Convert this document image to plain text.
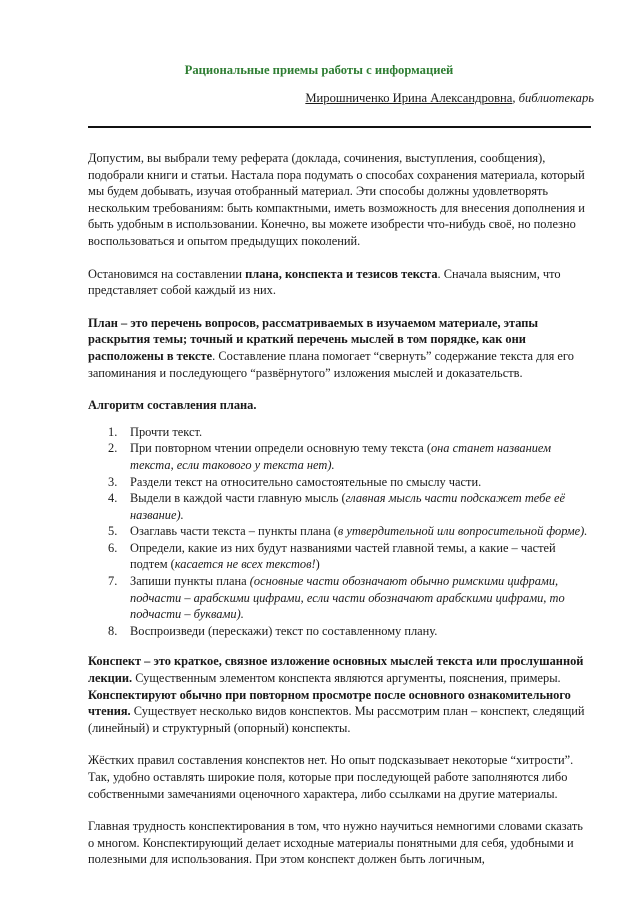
Рациональные приемы работы с информацией
Мирошниченко Ирина Александровна, библиотекарь

Допустим, вы выбрали тему реферата (доклада, сочинения, выступления, сообщения), подобрали книги и статьи. Настала пора подумать о способах сохранения материала, который мы будем добывать, изучая отобранный материал. Эти способы должны удовлетворять нескольким требованиям: быть компактными, иметь возможность для внесения дополнения и быть удобным в использовании. Конечно, вы можете изобрести что-нибудь своё, но полезно воспользоваться и опытом предыдущих поколений.

Остановимся на составлении плана, конспекта и тезисов текста. Сначала выясним, что представляет собой каждый из них.

План – это перечень вопросов, рассматриваемых в изучаемом материале, этапы раскрытия темы; точный и краткий перечень мыслей в том порядке, как они расположены в тексте. Составление плана помогает “свернуть” содержание текста для его запоминания и последующего “развёрнутого” изложения мыслей и доказательств.

Алгоритм составления плана.

1.	Прочти текст.
2.	При повторном чтении определи основную тему текста (она станет названием текста, если такового у текста нет).
3.	Раздели текст на относительно самостоятельные по смыслу части.
4.	Выдели в каждой части главную мысль (главная мысль части подскажет тебе её название).
5.	Озаглавь части текста – пункты плана (в утвердительной или вопросительной форме).
6.	Определи, какие из них будут названиями частей главной темы, а какие – частей подтем (касается не всех текстов!)
7.	Запиши пункты плана (основные части обозначают обычно римскими цифрами, подчасти – арабскими цифрами, если части обозначают арабскими цифрами, то подчасти – буквами).
8.	Воспроизведи (перескажи) текст по составленному плану.

Конспект – это краткое, связное изложение основных мыслей текста или прослушанной лекции. Существенным элементом конспекта являются аргументы, пояснения, примеры. Конспектируют обычно при повторном просмотре после основного ознакомительного чтения. Существует несколько видов конспектов. Мы рассмотрим план – конспект, следящий (линейный) и структурный (опорный) конспекты.

Жёстких правил составления конспектов нет. Но опыт подсказывает некоторые “хитрости”. Так, удобно оставлять широкие поля, которые при последующей работе заполняются либо собственными замечаниями оценочного характера, либо ссылками на другие материалы.

Главная трудность конспектирования в том, что нужно научиться немногими словами сказать о многом. Конспектирующий делает исходные материалы понятными для себя, удобными и полезными для использования. При этом конспект должен быть логичным,
